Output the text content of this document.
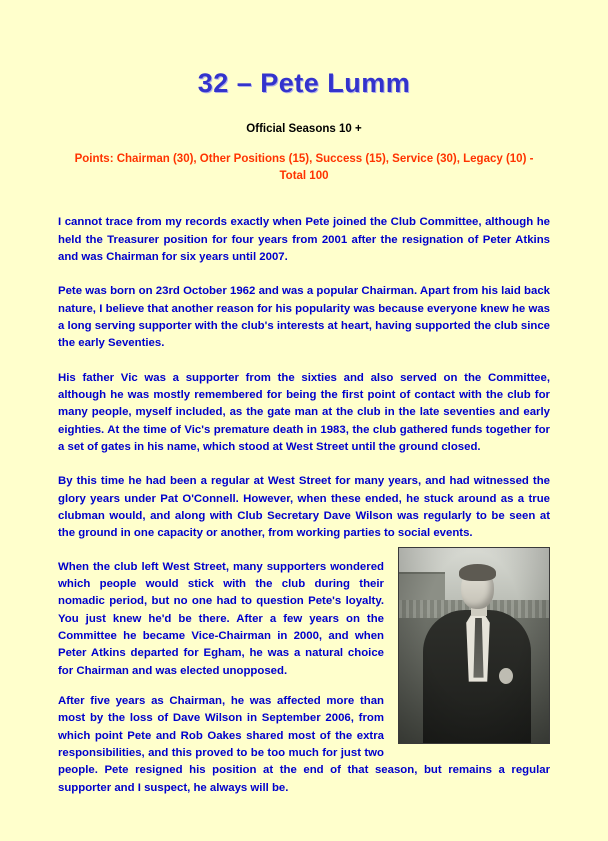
32 – Pete Lumm
Official Seasons 10 +
Points: Chairman (30), Other Positions (15), Success (15), Service (30), Legacy (10) - Total 100

I cannot trace from my records exactly when Pete joined the Club Committee, although he held the Treasurer position for four years from 2001 after the resignation of Peter Atkins and was Chairman for six years until 2007.

Pete was born on 23rd October 1962 and was a popular Chairman. Apart from his laid back nature, I believe that another reason for his popularity was because everyone knew he was a long serving supporter with the club's interests at heart, having supported the club since the early Seventies.

His father Vic was a supporter from the sixties and also served on the Committee, although he was mostly remembered for being the first point of contact with the club for many people, myself included, as the gate man at the club in the late seventies and early eighties. At the time of Vic's premature death in 1983, the club gathered funds together for a set of gates in his name, which stood at West Street until the ground closed.

By this time he had been a regular at West Street for many years, and had witnessed the glory years under Pat O'Connell. However, when these ended, he stuck around as a true clubman would, and along with Club Secretary Dave Wilson was regularly to be seen at the ground in one capacity or another, from working parties to social events.

When the club left West Street, many supporters wondered which people would stick with the club during their nomadic period, but no one had to question Pete's loyalty. You just knew he'd be there. After a few years on the Committee he became Vice-Chairman in 2000, and when Peter Atkins departed for Egham, he was a natural choice for Chairman and was elected unopposed.

After five years as Chairman, he was affected more than most by the loss of Dave Wilson in September 2006, from which point Pete and Rob Oakes shared most of the extra responsibilities, and this proved to be too much for just two people. Pete resigned his position at the end of that season, but remains a regular supporter and I suspect, he always will be.
